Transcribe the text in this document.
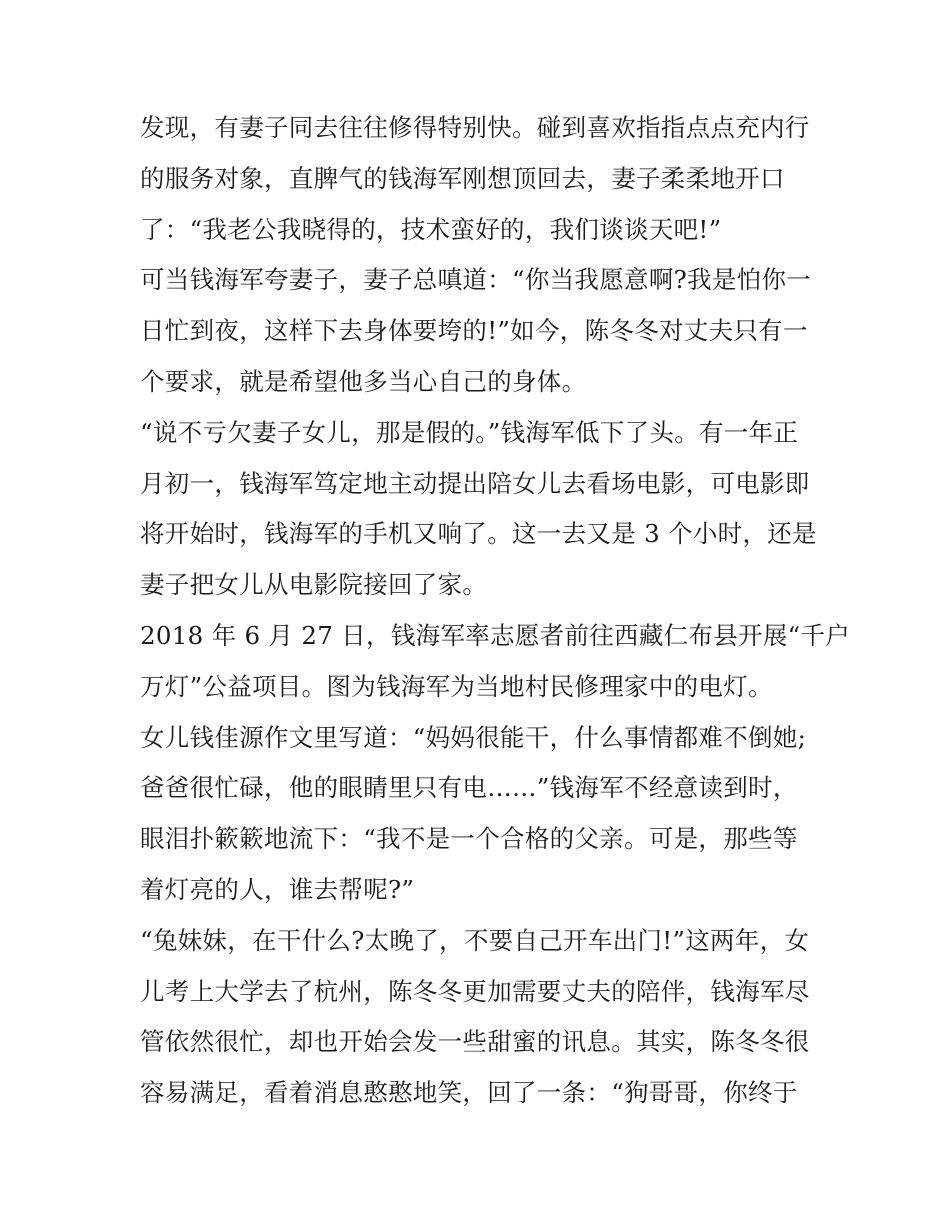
发现，有妻子同去往往修得特别快。碰到喜欢指指点点充内行
的服务对象，直脾气的钱海军刚想顶回去，妻子柔柔地开口
了：“我老公我晓得的，技术蛮好的，我们谈谈天吧!”
可当钱海军夸妻子，妻子总嗔道：“你当我愿意啊?我是怕你一
日忙到夜，这样下去身体要垮的!”如今，陈冬冬对丈夫只有一
个要求，就是希望他多当心自己的身体。
“说不亏欠妻子女儿，那是假的。”钱海军低下了头。有一年正
月初一，钱海军笃定地主动提出陪女儿去看场电影，可电影即
将开始时，钱海军的手机又响了。这一去又是 3 个小时，还是
妻子把女儿从电影院接回了家。
2018 年 6 月 27 日，钱海军率志愿者前往西藏仁布县开展“千户
万灯”公益项目。图为钱海军为当地村民修理家中的电灯。
女儿钱佳源作文里写道：“妈妈很能干，什么事情都难不倒她;
爸爸很忙碌，他的眼睛里只有电……”钱海军不经意读到时，
眼泪扑簌簌地流下：“我不是一个合格的父亲。可是，那些等
着灯亮的人，谁去帮呢?”
“兔妹妹，在干什么?太晚了，不要自己开车出门!”这两年，女
儿考上大学去了杭州，陈冬冬更加需要丈夫的陪伴，钱海军尽
管依然很忙，却也开始会发一些甜蜜的讯息。其实，陈冬冬很
容易满足，看着消息憨憨地笑，回了一条：“狗哥哥，你终于
